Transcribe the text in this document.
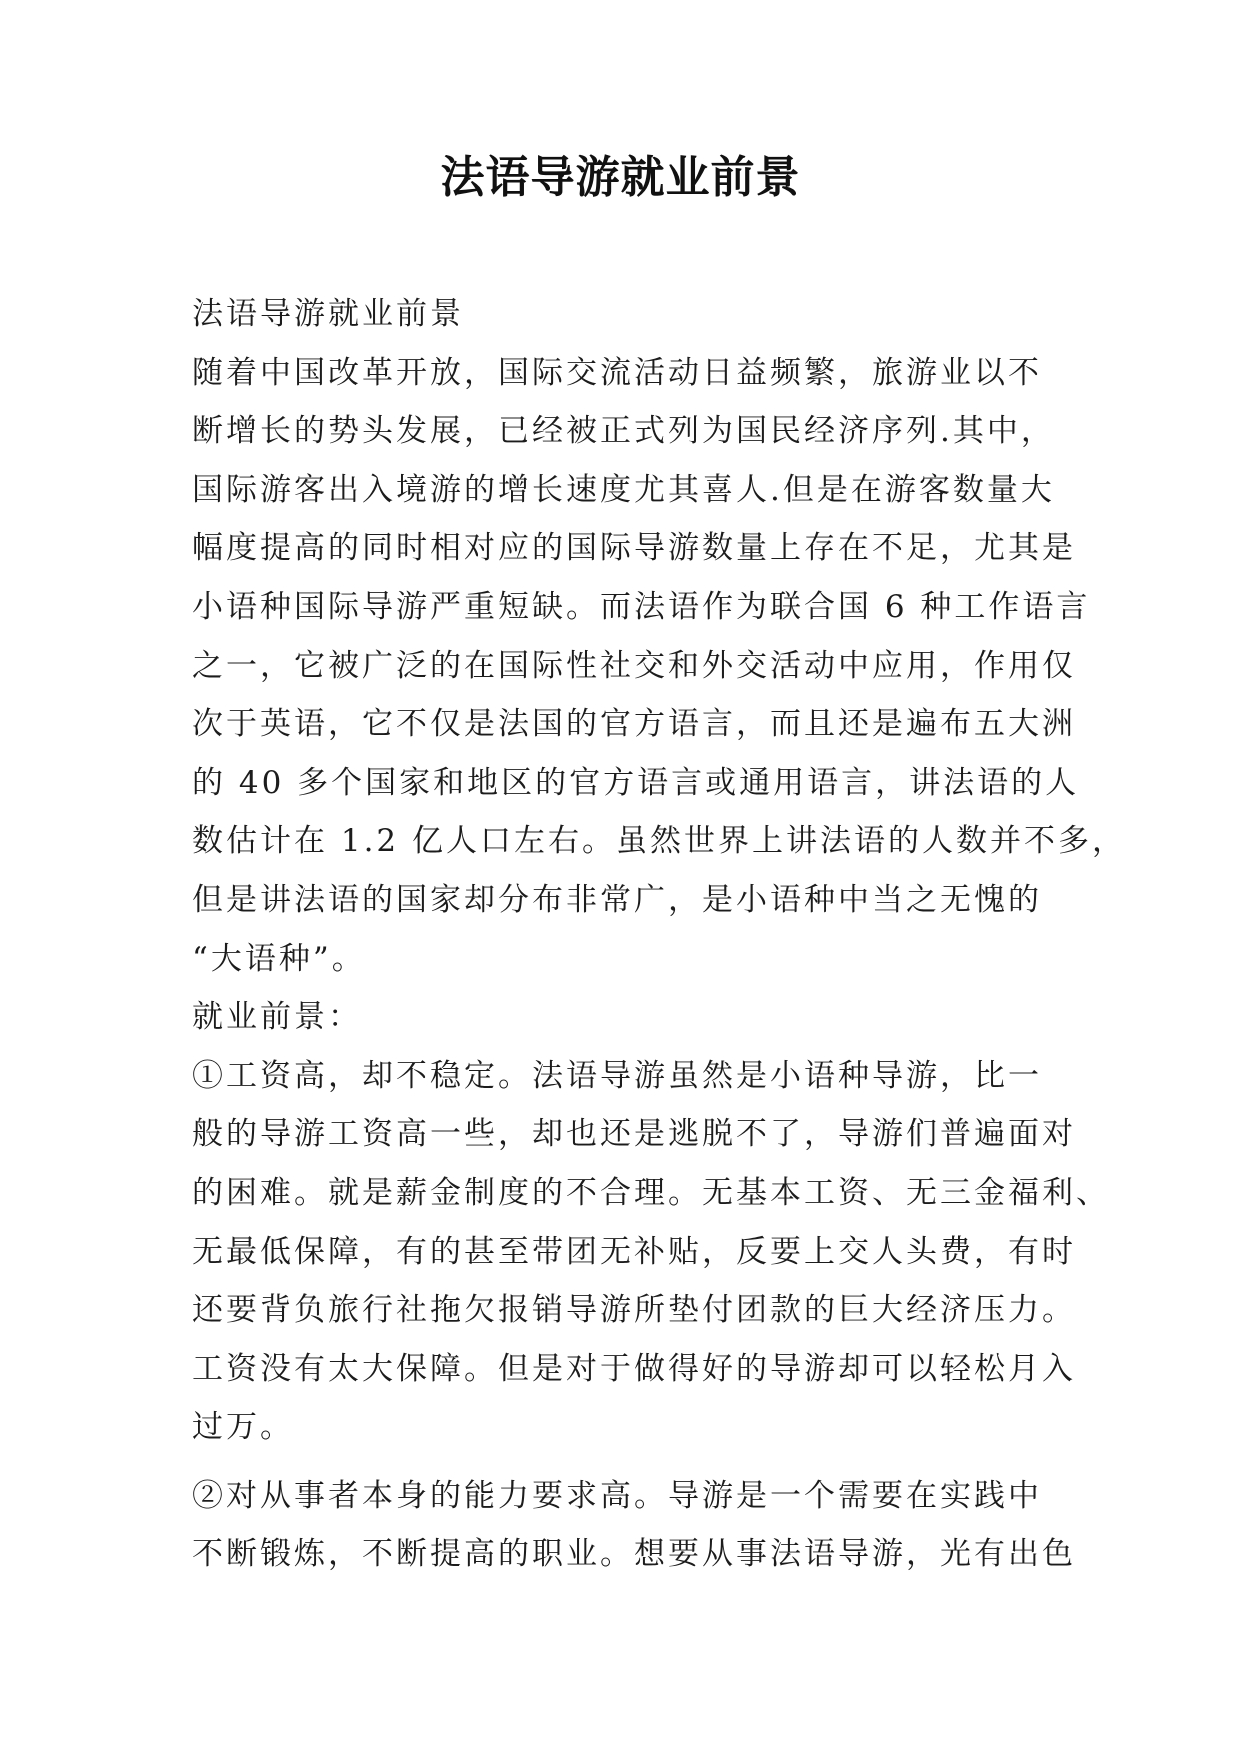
法语导游就业前景
法语导游就业前景
随着中国改革开放，国际交流活动日益频繁，旅游业以不
断增长的势头发展，已经被正式列为国民经济序列.其中，
国际游客出入境游的增长速度尤其喜人.但是在游客数量大
幅度提高的同时相对应的国际导游数量上存在不足，尤其是
小语种国际导游严重短缺。而法语作为联合国 6 种工作语言
之一，它被广泛的在国际性社交和外交活动中应用，作用仅
次于英语，它不仅是法国的官方语言，而且还是遍布五大洲
的 40 多个国家和地区的官方语言或通用语言，讲法语的人
数估计在 1.2 亿人口左右。虽然世界上讲法语的人数并不多，
但是讲法语的国家却分布非常广，是小语种中当之无愧的
“大语种”。
就业前景：
①工资高，却不稳定。法语导游虽然是小语种导游，比一
般的导游工资高一些，却也还是逃脱不了，导游们普遍面对
的困难。就是薪金制度的不合理。无基本工资、无三金福利、
无最低保障，有的甚至带团无补贴，反要上交人头费，有时
还要背负旅行社拖欠报销导游所垫付团款的巨大经济压力。
工资没有太大保障。但是对于做得好的导游却可以轻松月入
过万。
②对从事者本身的能力要求高。导游是一个需要在实践中
不断锻炼，不断提高的职业。想要从事法语导游，光有出色
